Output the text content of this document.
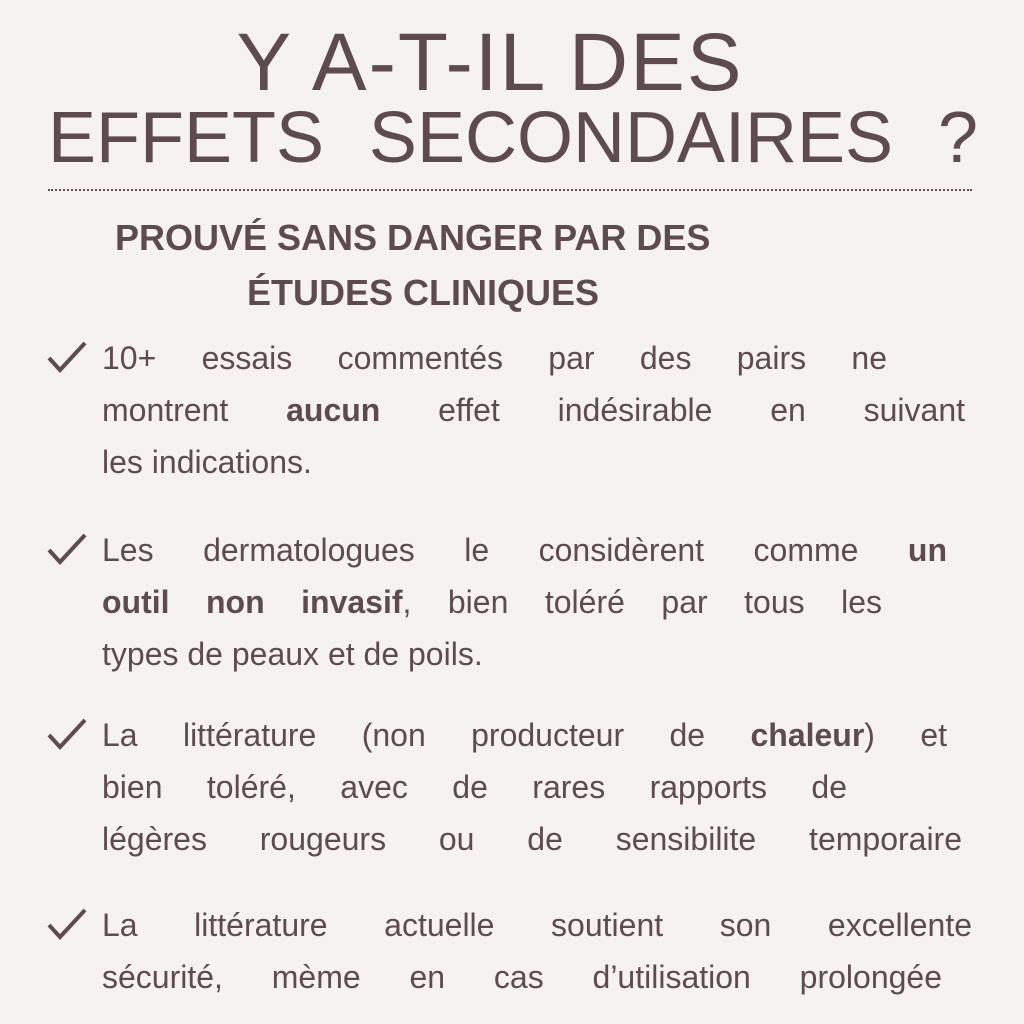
Y A-T-IL DES
EFFETS SECONDAIRES ?
PROUVÉ SANS DANGER PAR DES
ÉTUDES CLINIQUES
10+ essais commentés par des pairs ne
montrent aucun effet indésirable en suivant
les indications.
Les dermatologues le considèrent comme un
outil non invasif, bien toléré par tous les
types de peaux et de poils.
La littérature (non producteur de chaleur) et
bien toléré, avec de rares rapports de
légères rougeurs ou de sensibilite temporaire
La littérature actuelle soutient son excellente
sécurité, mème en cas d’utilisation prolongée
